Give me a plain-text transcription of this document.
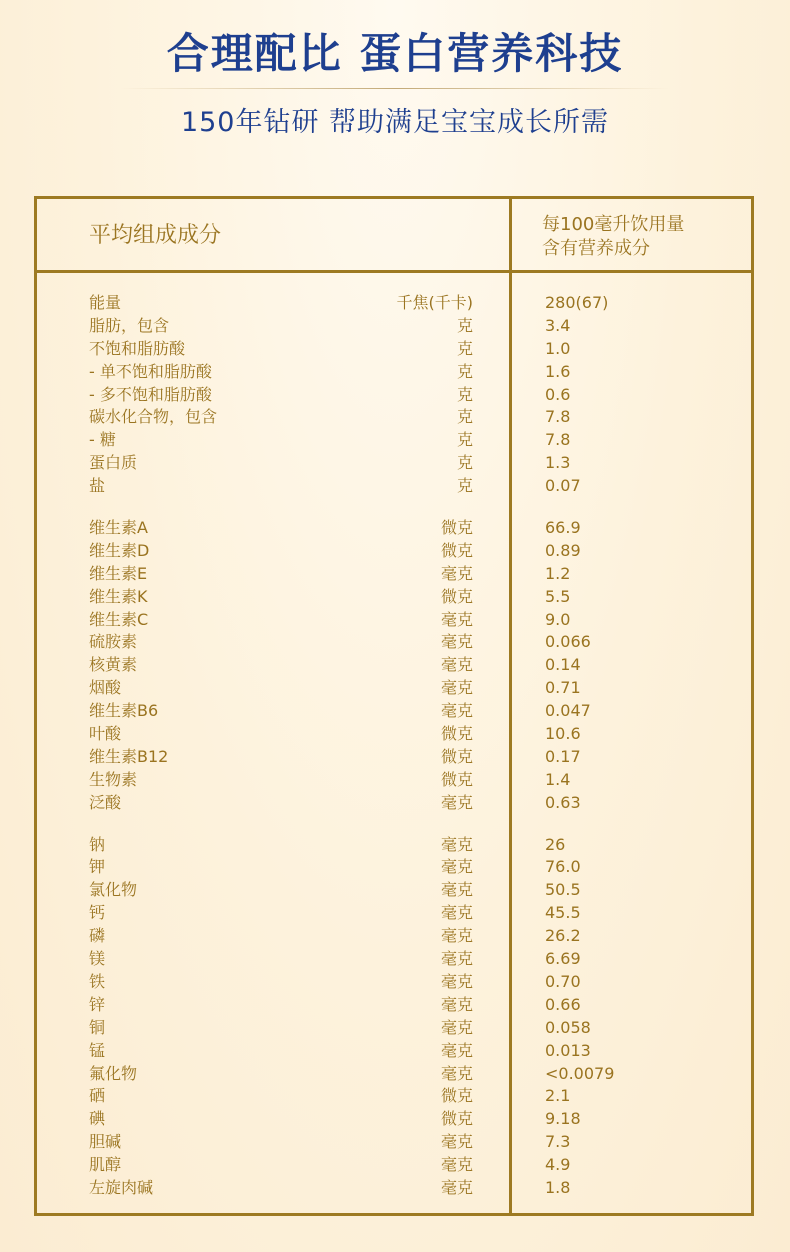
合理配比 蛋白营养科技
150年钻研 帮助满足宝宝成长所需
平均组成成分	每100毫升饮用量
含有营养成分
能量	千焦(千卡)	280(67)
脂肪，包含	克	3.4
不饱和脂肪酸	克	1.0
- 单不饱和脂肪酸	克	1.6
- 多不饱和脂肪酸	克	0.6
碳水化合物，包含	克	7.8
- 糖	克	7.8
蛋白质	克	1.3
盐	克	0.07
维生素A	微克	66.9
维生素D	微克	0.89
维生素E	毫克	1.2
维生素K	微克	5.5
维生素C	毫克	9.0
硫胺素	毫克	0.066
核黄素	毫克	0.14
烟酸	毫克	0.71
维生素B6	毫克	0.047
叶酸	微克	10.6
维生素B12	微克	0.17
生物素	微克	1.4
泛酸	毫克	0.63
钠	毫克	26
钾	毫克	76.0
氯化物	毫克	50.5
钙	毫克	45.5
磷	毫克	26.2
镁	毫克	6.69
铁	毫克	0.70
锌	毫克	0.66
铜	毫克	0.058
锰	毫克	0.013
氟化物	毫克	<0.0079
硒	微克	2.1
碘	微克	9.18
胆碱	毫克	7.3
肌醇	毫克	4.9
左旋肉碱	毫克	1.8
